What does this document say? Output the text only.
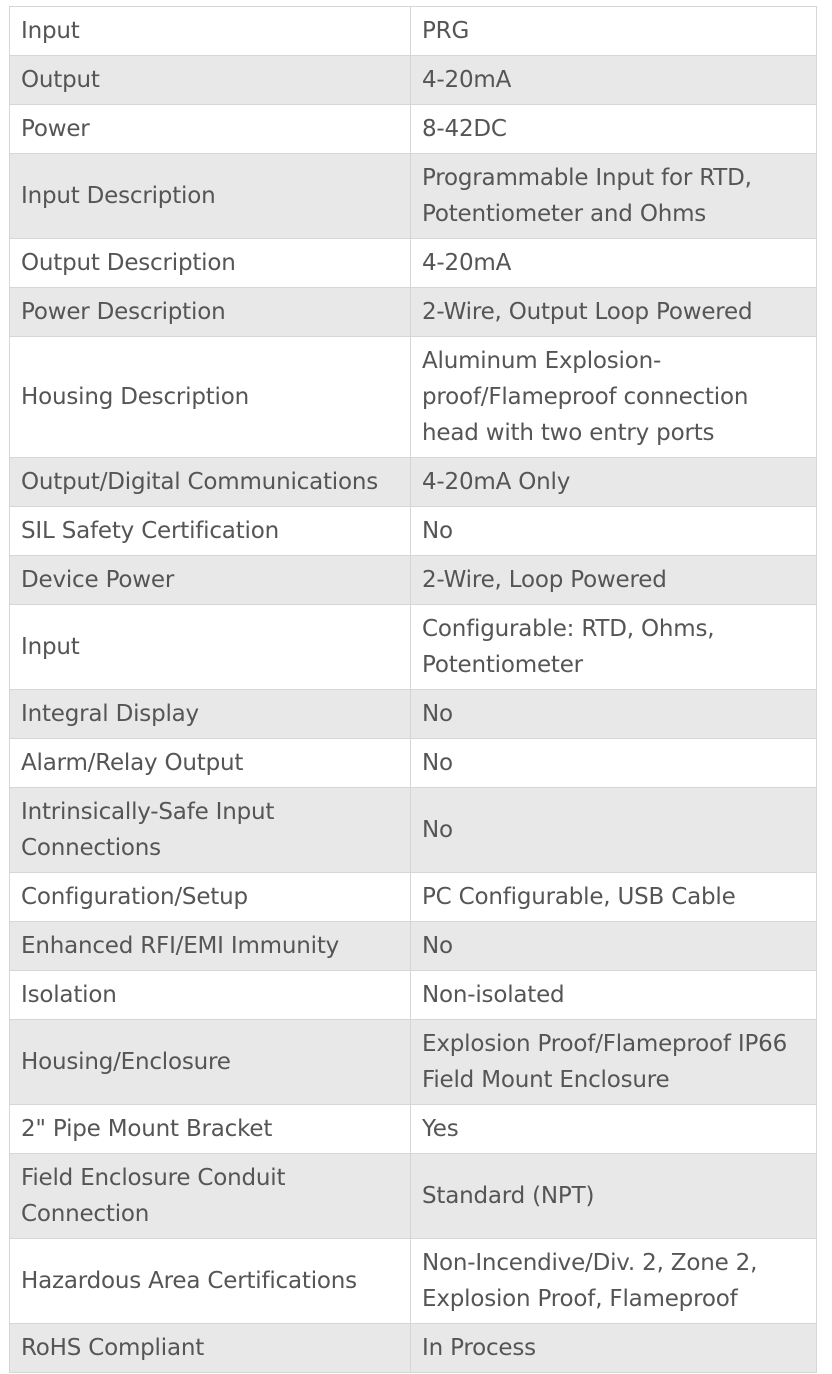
Input	PRG
Output	4-20mA
Power	8-42DC
Input Description	Programmable Input for RTD, Potentiometer and Ohms
Output Description	4-20mA
Power Description	2-Wire, Output Loop Powered
Housing Description	Aluminum Explosion-proof/Flameproof connection head with two entry ports
Output/Digital Communications	4-20mA Only
SIL Safety Certification	No
Device Power	2-Wire, Loop Powered
Input	Configurable: RTD, Ohms, Potentiometer
Integral Display	No
Alarm/Relay Output	No
Intrinsically-Safe Input Connections	No
Configuration/Setup	PC Configurable, USB Cable
Enhanced RFI/EMI Immunity	No
Isolation	Non-isolated
Housing/Enclosure	Explosion Proof/Flameproof IP66 Field Mount Enclosure
2" Pipe Mount Bracket	Yes
Field Enclosure Conduit Connection	Standard (NPT)
Hazardous Area Certifications	Non-Incendive/Div. 2, Zone 2, Explosion Proof, Flameproof
RoHS Compliant	In Process
